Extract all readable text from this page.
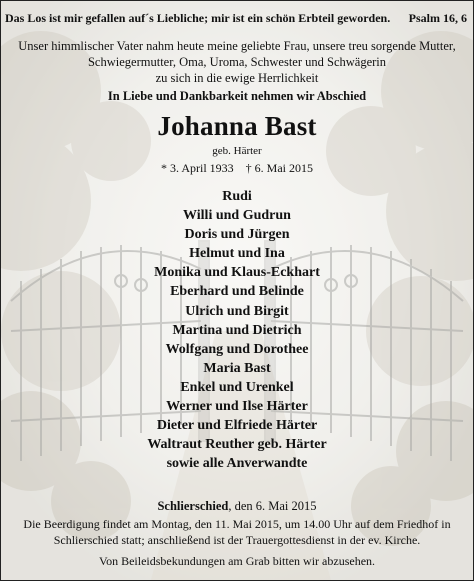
Das Los ist mir gefallen auf´s Liebliche; mir ist ein schön Erbteil geworden. Psalm 16, 6
Unser himmlischer Vater nahm heute meine geliebte Frau, unsere treu sorgende Mutter,
Schwiegermutter, Oma, Uroma, Schwester und Schwägerin
zu sich in die ewige Herrlichkeit
In Liebe und Dankbarkeit nehmen wir Abschied
Johanna Bast
geb. Härter
* 3. April 1933    † 6. Mai 2015
Rudi
Willi und Gudrun
Doris und Jürgen
Helmut und Ina
Monika und Klaus-Eckhart
Eberhard und Belinde
Ulrich und Birgit
Martina und Dietrich
Wolfgang und Dorothee
Maria Bast
Enkel und Urenkel
Werner und Ilse Härter
Dieter und Elfriede Härter
Waltraut Reuther geb. Härter
sowie alle Anverwandte
Schlierschied, den 6. Mai 2015
Die Beerdigung findet am Montag, den 11. Mai 2015, um 14.00 Uhr auf dem Friedhof in
Schlierschied statt; anschließend ist der Trauergottesdienst in der ev. Kirche.
Von Beileidsbekundungen am Grab bitten wir abzusehen.
